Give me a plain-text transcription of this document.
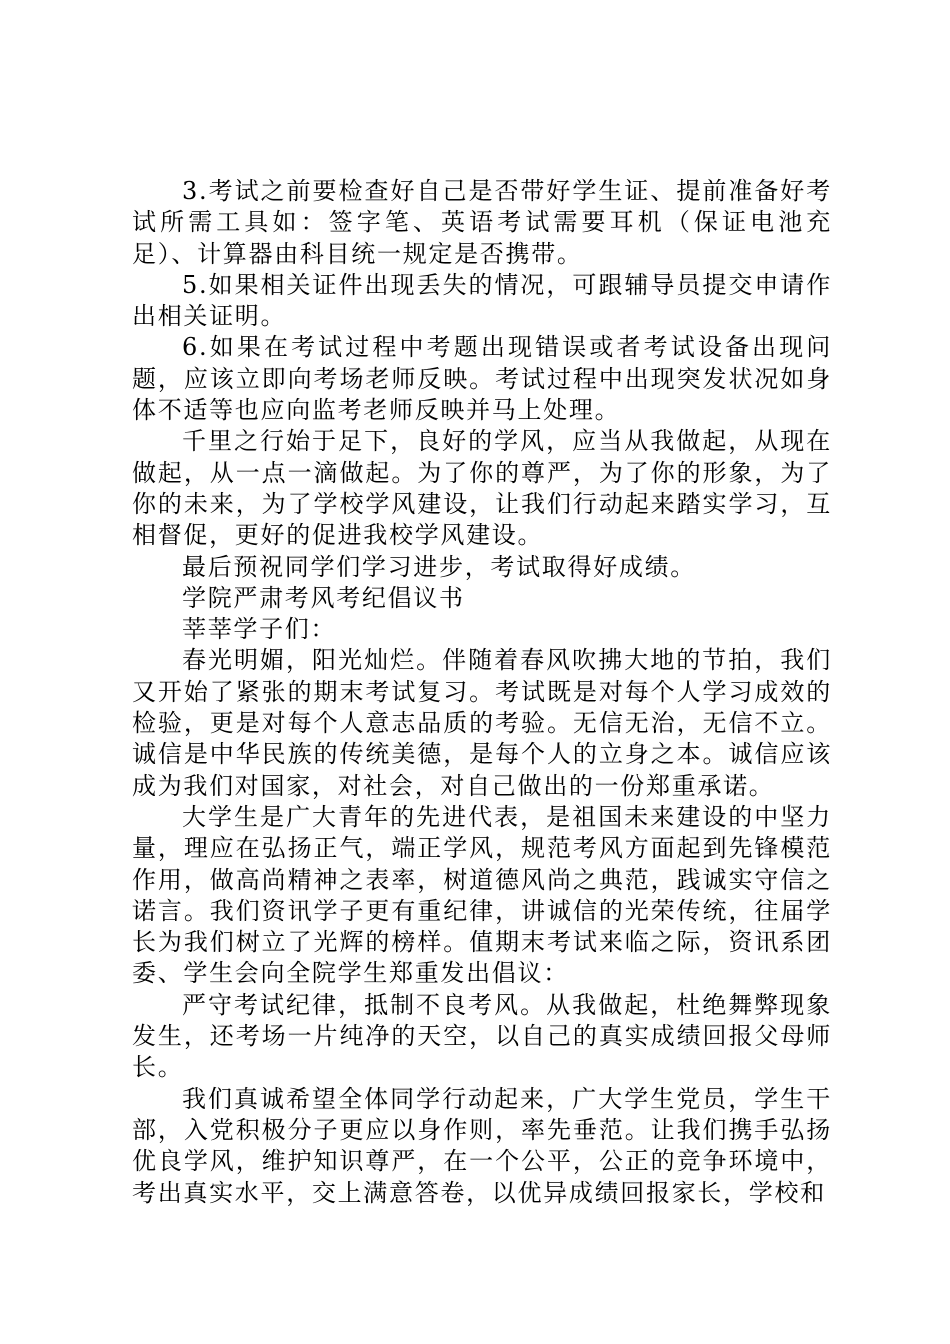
3.考试之前要检查好自己是否带好学生证、提前准备好考试所需工具如：签字笔、英语考试需要耳机（保证电池充足）、计算器由科目统一规定是否携带。

5.如果相关证件出现丢失的情况，可跟辅导员提交申请作出相关证明。

6.如果在考试过程中考题出现错误或者考试设备出现问题，应该立即向考场老师反映。考试过程中出现突发状况如身体不适等也应向监考老师反映并马上处理。

千里之行始于足下，良好的学风，应当从我做起，从现在做起，从一点一滴做起。为了你的尊严，为了你的形象，为了你的未来，为了学校学风建设，让我们行动起来踏实学习，互相督促，更好的促进我校学风建设。

最后预祝同学们学习进步，考试取得好成绩。

学院严肃考风考纪倡议书

莘莘学子们：

春光明媚，阳光灿烂。伴随着春风吹拂大地的节拍，我们又开始了紧张的期末考试复习。考试既是对每个人学习成效的检验，更是对每个人意志品质的考验。无信无治，无信不立。诚信是中华民族的传统美德，是每个人的立身之本。诚信应该成为我们对国家，对社会，对自己做出的一份郑重承诺。

大学生是广大青年的先进代表，是祖国未来建设的中坚力量，理应在弘扬正气，端正学风，规范考风方面起到先锋模范作用，做高尚精神之表率，树道德风尚之典范，践诚实守信之诺言。我们资讯学子更有重纪律，讲诚信的光荣传统，往届学长为我们树立了光辉的榜样。值期末考试来临之际，资讯系团委、学生会向全院学生郑重发出倡议：

严守考试纪律，抵制不良考风。从我做起，杜绝舞弊现象发生，还考场一片纯净的天空，以自己的真实成绩回报父母师长。

我们真诚希望全体同学行动起来，广大学生党员，学生干部，入党积极分子更应以身作则，率先垂范。让我们携手弘扬优良学风，维护知识尊严，在一个公平，公正的竞争环境中，考出真实水平，交上满意答卷，以优异成绩回报家长，学校和
